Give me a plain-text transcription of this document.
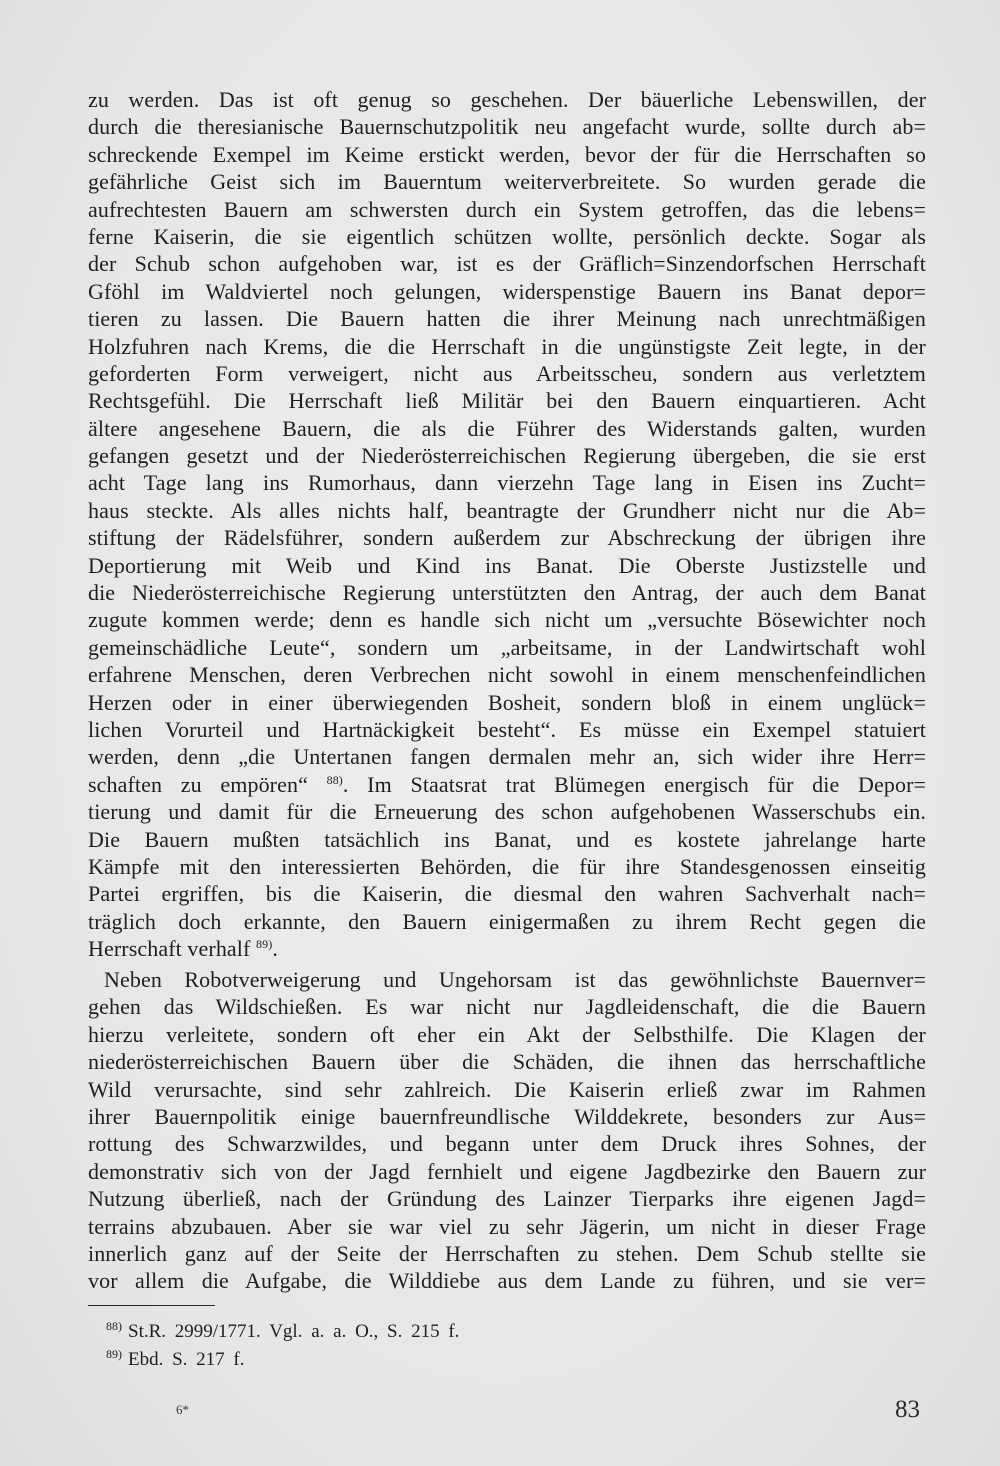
zu werden. Das ist oft genug so geschehen. Der bäuerliche Lebenswillen, der
durch die theresianische Bauernschutzpolitik neu angefacht wurde, sollte durch ab=
schreckende Exempel im Keime erstickt werden, bevor der für die Herrschaften so
gefährliche Geist sich im Bauerntum weiterverbreitete. So wurden gerade die
aufrechtesten Bauern am schwersten durch ein System getroffen, das die lebens=
ferne Kaiserin, die sie eigentlich schützen wollte, persönlich deckte. Sogar als
der Schub schon aufgehoben war, ist es der Gräflich=Sinzendorfschen Herrschaft
Gföhl im Waldviertel noch gelungen, widerspenstige Bauern ins Banat depor=
tieren zu lassen. Die Bauern hatten die ihrer Meinung nach unrechtmäßigen
Holzfuhren nach Krems, die die Herrschaft in die ungünstigste Zeit legte, in der
geforderten Form verweigert, nicht aus Arbeitsscheu, sondern aus verletztem
Rechtsgefühl. Die Herrschaft ließ Militär bei den Bauern einquartieren. Acht
ältere angesehene Bauern, die als die Führer des Widerstands galten, wurden
gefangen gesetzt und der Niederösterreichischen Regierung übergeben, die sie erst
acht Tage lang ins Rumorhaus, dann vierzehn Tage lang in Eisen ins Zucht=
haus steckte. Als alles nichts half, beantragte der Grundherr nicht nur die Ab=
stiftung der Rädelsführer, sondern außerdem zur Abschreckung der übrigen ihre
Deportierung mit Weib und Kind ins Banat. Die Oberste Justizstelle und
die Niederösterreichische Regierung unterstützten den Antrag, der auch dem Banat
zugute kommen werde; denn es handle sich nicht um „versuchte Bösewichter noch
gemeinschädliche Leute“, sondern um „arbeitsame, in der Landwirtschaft wohl
erfahrene Menschen, deren Verbrechen nicht sowohl in einem menschenfeindlichen
Herzen oder in einer überwiegenden Bosheit, sondern bloß in einem unglück=
lichen Vorurteil und Hartnäckigkeit besteht“. Es müsse ein Exempel statuiert
werden, denn „die Untertanen fangen dermalen mehr an, sich wider ihre Herr=
schaften zu empören“ $^{88)}$. Im Staatsrat trat Blümegen energisch für die Depor=
tierung und damit für die Erneuerung des schon aufgehobenen Wasserschubs ein.
Die Bauern mußten tatsächlich ins Banat, und es kostete jahrelange harte
Kämpfe mit den interessierten Behörden, die für ihre Standesgenossen einseitig
Partei ergriffen, bis die Kaiserin, die diesmal den wahren Sachverhalt nach=
träglich doch erkannte, den Bauern einigermaßen zu ihrem Recht gegen die
Herrschaft verhalf $^{89)}$.
Neben Robotverweigerung und Ungehorsam ist das gewöhnlichste Bauernver=
gehen das Wildschießen. Es war nicht nur Jagdleidenschaft, die die Bauern
hierzu verleitete, sondern oft eher ein Akt der Selbsthilfe. Die Klagen der
niederösterreichischen Bauern über die Schäden, die ihnen das herrschaftliche
Wild verursachte, sind sehr zahlreich. Die Kaiserin erließ zwar im Rahmen
ihrer Bauernpolitik einige bauernfreundlische Wilddekrete, besonders zur Aus=
rottung des Schwarzwildes, und begann unter dem Druck ihres Sohnes, der
demonstrativ sich von der Jagd fernhielt und eigene Jagdbezirke den Bauern zur
Nutzung überließ, nach der Gründung des Lainzer Tierparks ihre eigenen Jagd=
terrains abzubauen. Aber sie war viel zu sehr Jägerin, um nicht in dieser Frage
innerlich ganz auf der Seite der Herrschaften zu stehen. Dem Schub stellte sie
vor allem die Aufgabe, die Wilddiebe aus dem Lande zu führen, und sie ver=
$^{88)}$ St.R. 2999/1771. Vgl. a. a. O., S. 215 f.
$^{89)}$ Ebd. S. 217 f.
6*	83
